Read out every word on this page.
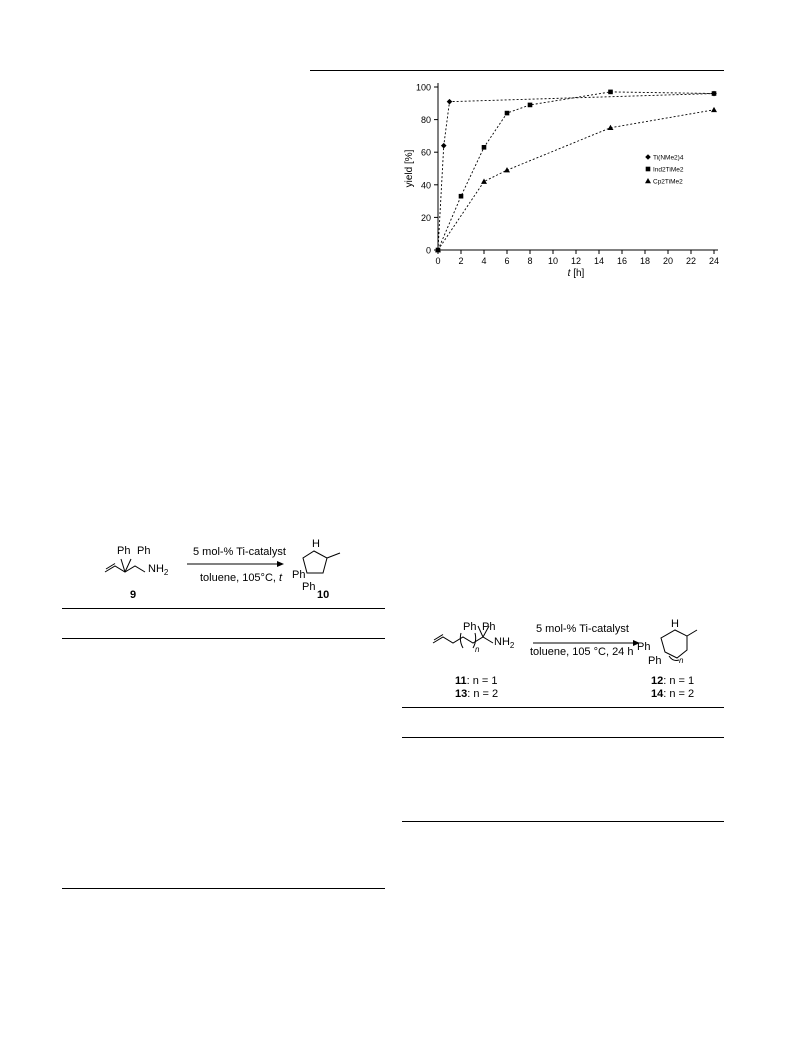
0
20
40
60
80
100
0 2 4 6 8 10 12 14 16 18 20 22 24
t [h]
yield [%]	Ti(NMe2)4
Ind2TiMe2
Cp2TiMe2
Ph Ph
$NH_2$
5 mol-% Ti-catalyst
toluene, 105°C, t
H
Ph
Ph
9	10
Ph Ph
n
$NH_2$
5 mol-% Ti-catalyst
toluene, 105 °C, 24 h
H
Ph
Ph n
11: n = 1
13: n = 2
12: n = 1
14: n = 2
